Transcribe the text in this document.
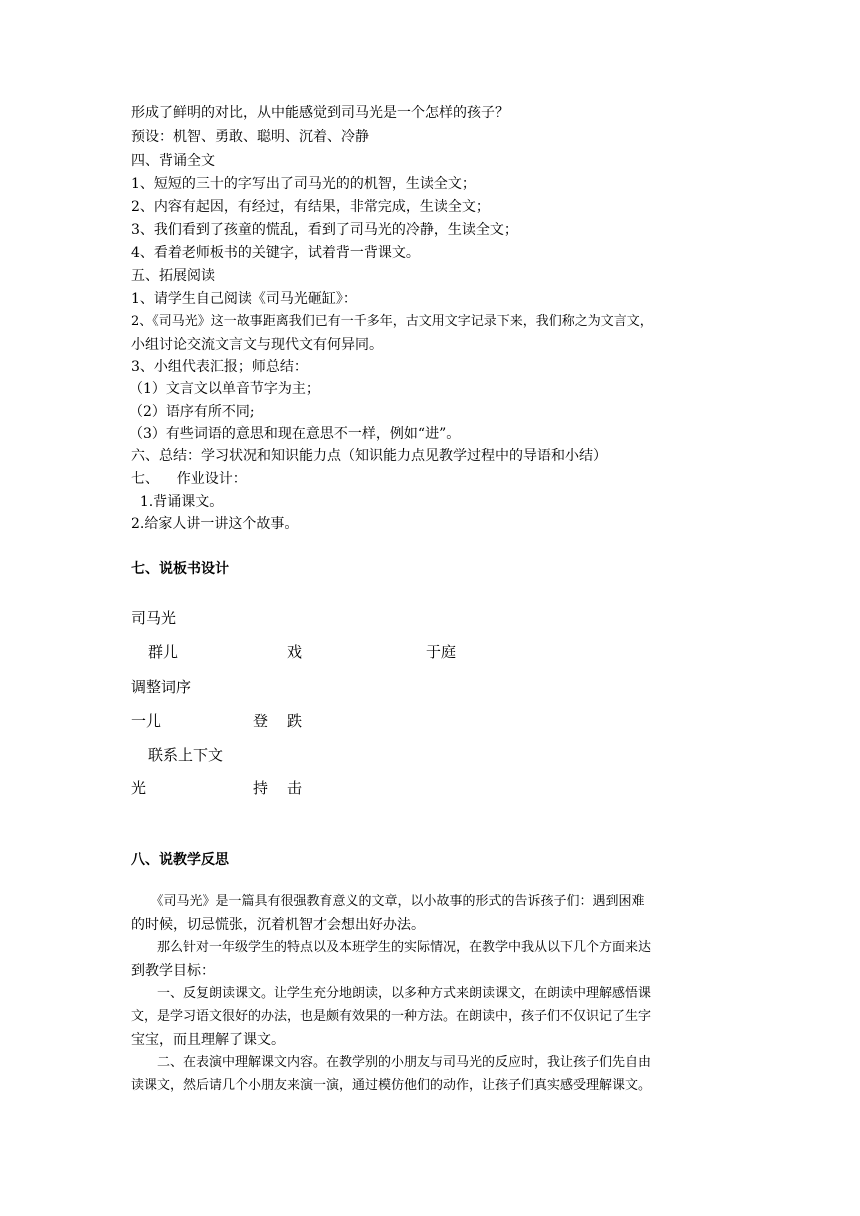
形成了鲜明的对比，从中能感觉到司马光是一个怎样的孩子？
预设：机智、勇敢、聪明、沉着、冷静
四、背诵全文
1、短短的三十的字写出了司马光的的机智，生读全文；
2、内容有起因，有经过，有结果，非常完成，生读全文；
3、我们看到了孩童的慌乱，看到了司马光的冷静，生读全文；
4、看着老师板书的关键字，试着背一背课文。
五、拓展阅读
1、请学生自己阅读《司马光砸缸》：
2、《司马光》这一故事距离我们已有一千多年，古文用文字记录下来，我们称之为文言文，
小组讨论交流文言文与现代文有何异同。
3、小组代表汇报；师总结：
（1）文言文以单音节字为主；
（2）语序有所不同;
（3）有些词语的意思和现在意思不一样，例如“进”。
六、总结：学习状况和知识能力点（知识能力点见教学过程中的导语和小结）
七、    作业设计：
1.背诵课文。
2.给家人讲一讲这个故事。
七、说板书设计
司马光
群儿	戏	于庭
调整词序
一儿	登 跌
联系上下文
光	持 击
八、说教学反思
　　《司马光》是一篇具有很强教育意义的文章，以小故事的形式的告诉孩子们：遇到困难
的时候，切忌慌张，沉着机智才会想出好办法。
　　那么针对一年级学生的特点以及本班学生的实际情况，在教学中我从以下几个方面来达
到教学目标：
　　一、反复朗读课文。让学生充分地朗读，以多种方式来朗读课文，在朗读中理解感悟课
文，是学习语文很好的办法，也是颇有效果的一种方法。在朗读中，孩子们不仅识记了生字
宝宝，而且理解了课文。
　　二、在表演中理解课文内容。在教学别的小朋友与司马光的反应时，我让孩子们先自由
读课文，然后请几个小朋友来演一演，通过模仿他们的动作，让孩子们真实感受理解课文。
